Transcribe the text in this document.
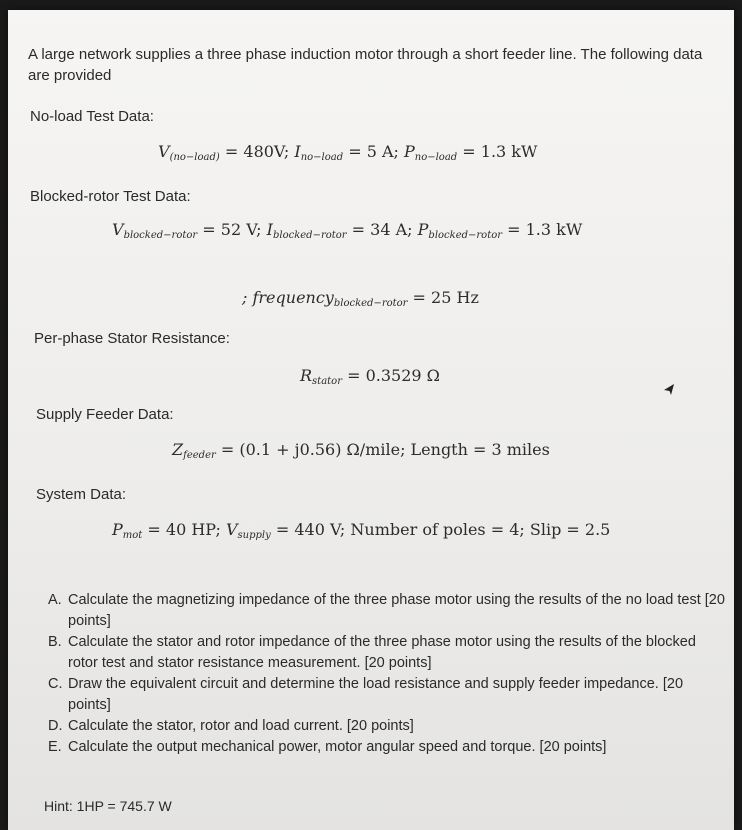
A large network supplies a three phase induction motor through a short feeder line. The following data are provided
No-load Test Data:
$V_{(no-load)} = 480V$; $I_{no-load} = 5$ A; $P_{no-load} = 1.3$ kW
Blocked-rotor Test Data:
$V_{blocked-rotor} = 52$ V; $I_{blocked-rotor} = 34$ A; $P_{blocked-rotor} = 1.3$ kW
; frequency$_{blocked-rotor}$ = 25 Hz
Per-phase Stator Resistance:
$R_{stator} = 0.3529$ Ω
Supply Feeder Data:
$Z_{feeder} = (0.1 + j0.56)$ Ω/mile; Length = 3 miles
System Data:
$P_{mot} = 40$ HP; $V_{supply} = 440$ V; Number of poles = 4; Slip = 2.5
A. Calculate the magnetizing impedance of the three phase motor using the results of the no load test [20 points]
B. Calculate the stator and rotor impedance of the three phase motor using the results of the blocked rotor test and stator resistance measurement. [20 points]
C. Draw the equivalent circuit and determine the load resistance and supply feeder impedance. [20 points]
D. Calculate the stator, rotor and load current. [20 points]
E. Calculate the output mechanical power, motor angular speed and torque. [20 points]
Hint: 1HP = 745.7 W
